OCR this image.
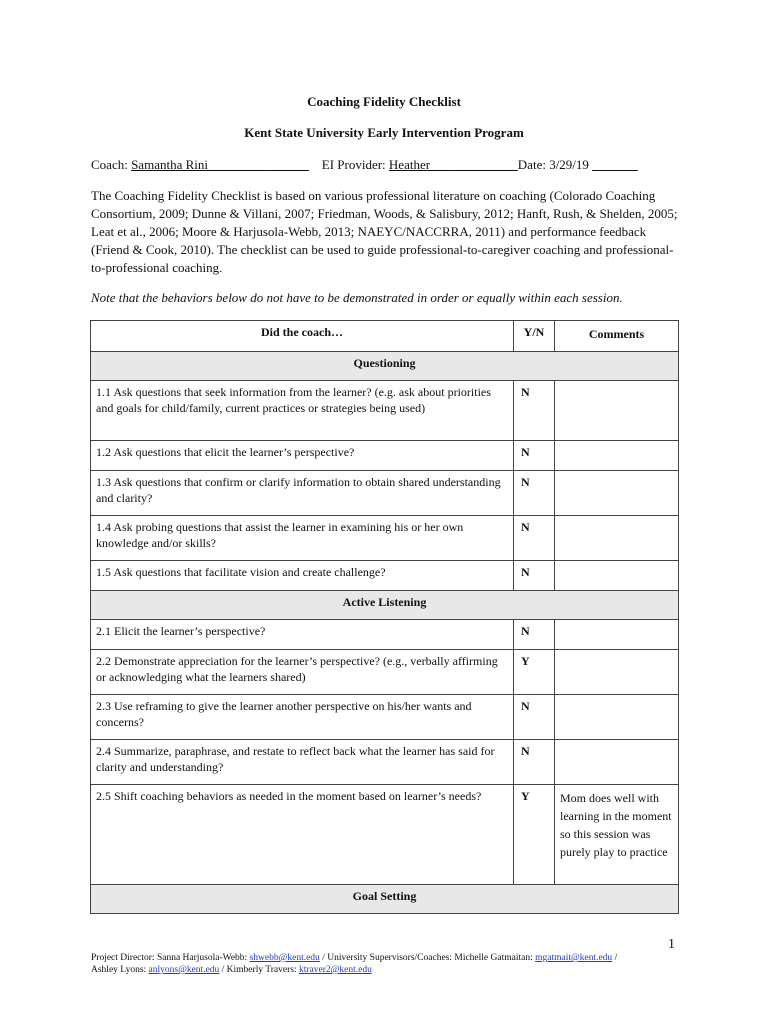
Coaching Fidelity Checklist
Kent State University Early Intervention Program
Coach: Samantha Rini_________ ______ EI Provider: Heather___ __________Date: 3/29/19 _ _ _ _ _
The Coaching Fidelity Checklist is based on various professional literature on coaching (Colorado Coaching Consortium, 2009; Dunne & Villani, 2007; Friedman, Woods, & Salisbury, 2012; Hanft, Rush, & Shelden, 2005; Leat et al., 2006; Moore & Harjusola-Webb, 2013; NAEYC/NACCRRA, 2011) and performance feedback (Friend & Cook, 2010). The checklist can be used to guide professional-to-caregiver coaching and professional-to-professional coaching.
Note that the behaviors below do not have to be demonstrated in order or equally within each session.
Did the coach…	Y/N	Comments
Questioning		
1.1 Ask questions that seek information from the learner? (e.g. ask about priorities and goals for child/family, current practices or strategies being used)	N	
1.2 Ask questions that elicit the learner’s perspective?	N	
1.3 Ask questions that confirm or clarify information to obtain shared understanding and clarity?	N	
1.4 Ask probing questions that assist the learner in examining his or her own knowledge and/or skills?	N	
1.5 Ask questions that facilitate vision and create challenge?	N	
Active Listening		
2.1 Elicit the learner’s perspective?	N	
2.2 Demonstrate appreciation for the learner’s perspective? (e.g., verbally affirming or acknowledging what the learners shared)	Y	
2.3 Use reframing to give the learner another perspective on his/her wants and concerns?	N	
2.4 Summarize, paraphrase, and restate to reflect back what the learner has said for clarity and understanding?	N	
2.5 Shift coaching behaviors as needed in the moment based on learner’s needs?	Y	Mom does well with learning in the moment so this session was purely play to practice
Goal Setting		
1
Project Director: Sanna Harjusola-Webb: shwebb@kent.edu / University Supervisors/Coaches: Michelle Gatmaitan: mgatmait@kent.edu /
Ashley Lyons: anlyons@kent.edu / Kimberly Travers: ktraver2@kent.edu
